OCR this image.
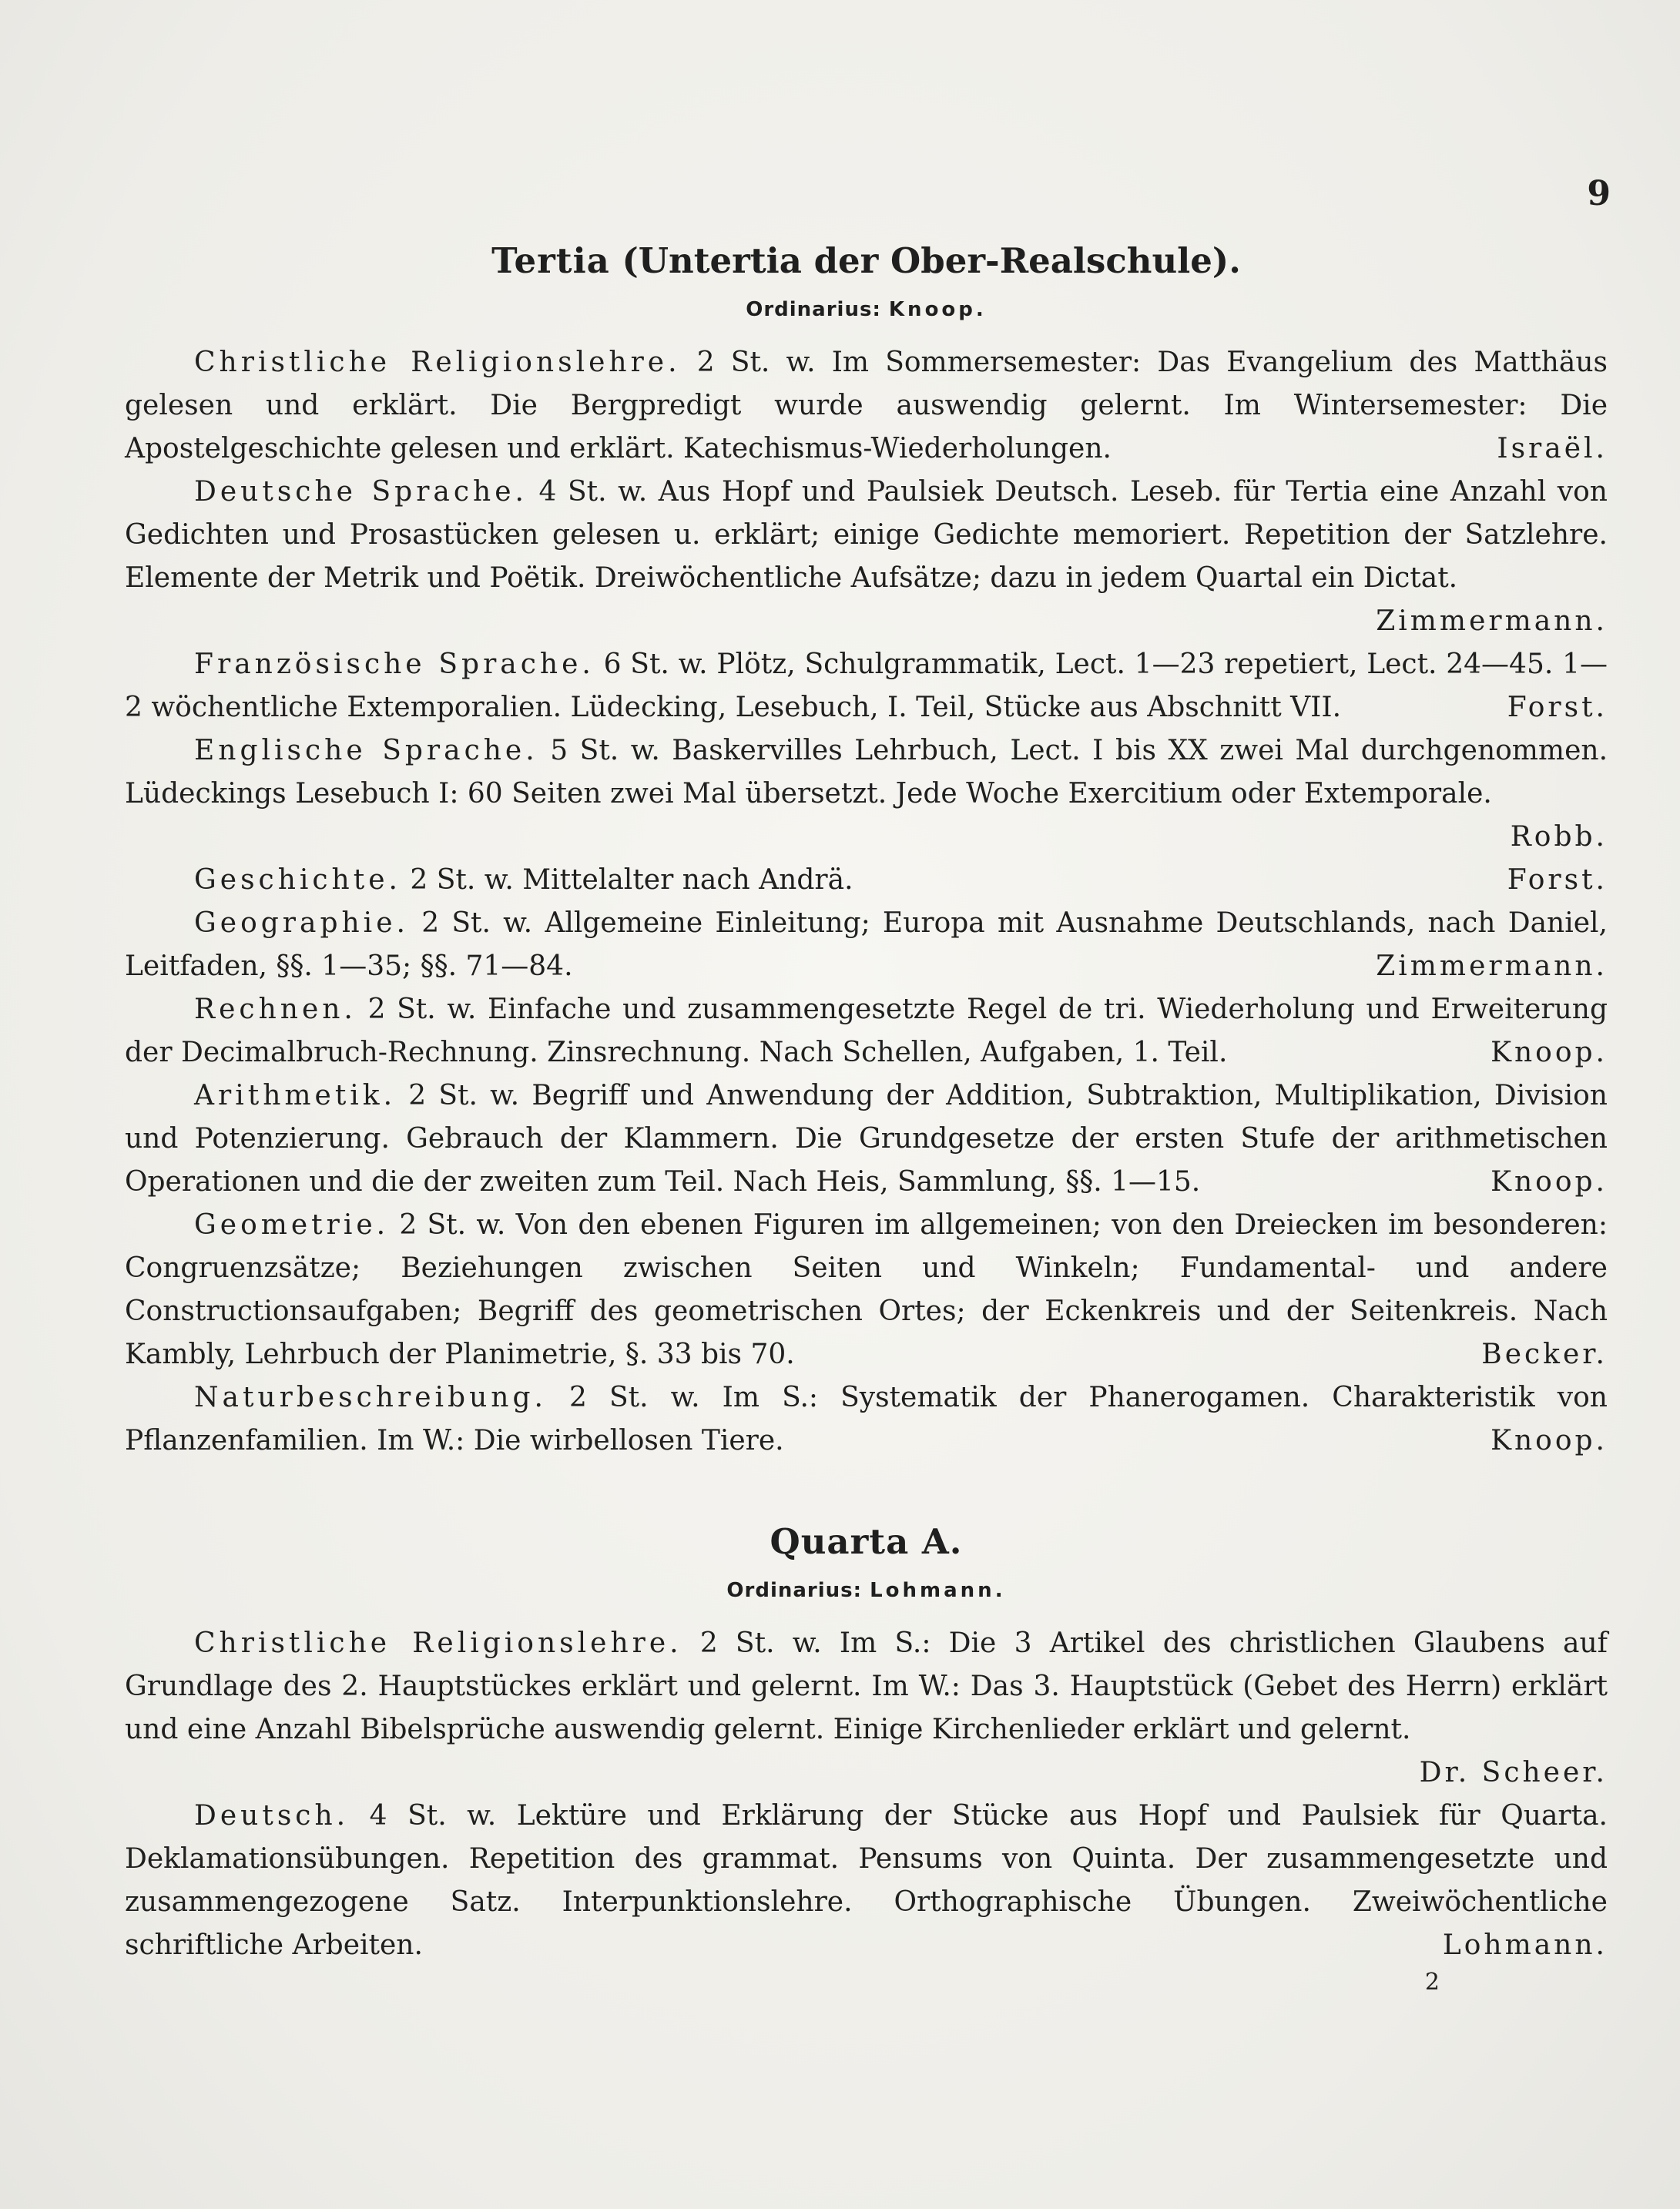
9
Tertia (Untertia der Ober-Realschule).
Ordinarius: Knoop.

Christliche Religionslehre. 2 St. w. Im Sommersemester: Das Evangelium des Matthäus gelesen und erklärt. Die Bergpredigt wurde auswendig gelernt. Im Wintersemester: Die Apostelgeschichte gelesen und erklärt. Katechismus-Wiederholungen.	Israël.

Deutsche Sprache. 4 St. w. Aus Hopf und Paulsiek Deutsch. Leseb. für Tertia eine Anzahl von Gedichten und Prosastücken gelesen u. erklärt; einige Gedichte memoriert. Repetition der Satzlehre. Elemente der Metrik und Poëtik. Dreiwöchentliche Aufsätze; dazu in jedem Quartal ein Dictat.
Zimmermann.

Französische Sprache. 6 St. w. Plötz, Schulgrammatik, Lect. 1—23 repetiert, Lect. 24—45. 1—2 wöchentliche Extemporalien. Lüdecking, Lesebuch, I. Teil, Stücke aus Abschnitt VII.	Forst.

Englische Sprache. 5 St. w. Baskervilles Lehrbuch, Lect. I bis XX zwei Mal durchgenommen. Lüdeckings Lesebuch I: 60 Seiten zwei Mal übersetzt. Jede Woche Exercitium oder Extemporale.
Robb.

Geschichte. 2 St. w. Mittelalter nach Andrä.	Forst.

Geographie. 2 St. w. Allgemeine Einleitung; Europa mit Ausnahme Deutschlands, nach Daniel, Leitfaden, §§. 1—35; §§. 71—84.	Zimmermann.

Rechnen. 2 St. w. Einfache und zusammengesetzte Regel de tri. Wiederholung und Erweiterung der Decimalbruch-Rechnung. Zinsrechnung. Nach Schellen, Aufgaben, 1. Teil.	Knoop.

Arithmetik. 2 St. w. Begriff und Anwendung der Addition, Subtraktion, Multiplikation, Division und Potenzierung. Gebrauch der Klammern. Die Grundgesetze der ersten Stufe der arithmetischen Operationen und die der zweiten zum Teil. Nach Heis, Sammlung, §§. 1—15.	Knoop.

Geometrie. 2 St. w. Von den ebenen Figuren im allgemeinen; von den Dreiecken im besonderen: Congruenzsätze; Beziehungen zwischen Seiten und Winkeln; Fundamental- und andere Constructionsaufgaben; Begriff des geometrischen Ortes; der Eckenkreis und der Seitenkreis. Nach Kambly, Lehrbuch der Planimetrie, §. 33 bis 70.	Becker.

Naturbeschreibung. 2 St. w. Im S.: Systematik der Phanerogamen. Charakteristik von Pflanzenfamilien. Im W.: Die wirbellosen Tiere.	Knoop.

Quarta A.
Ordinarius: Lohmann.

Christliche Religionslehre. 2 St. w. Im S.: Die 3 Artikel des christlichen Glaubens auf Grundlage des 2. Hauptstückes erklärt und gelernt. Im W.: Das 3. Hauptstück (Gebet des Herrn) erklärt und eine Anzahl Bibelsprüche auswendig gelernt. Einige Kirchenlieder erklärt und gelernt.
Dr. Scheer.

Deutsch. 4 St. w. Lektüre und Erklärung der Stücke aus Hopf und Paulsiek für Quarta. Deklamationsübungen. Repetition des grammat. Pensums von Quinta. Der zusammengesetzte und zusammengezogene Satz. Interpunktionslehre. Orthographische Übungen. Zweiwöchentliche schriftliche Arbeiten.	Lohmann.

2
